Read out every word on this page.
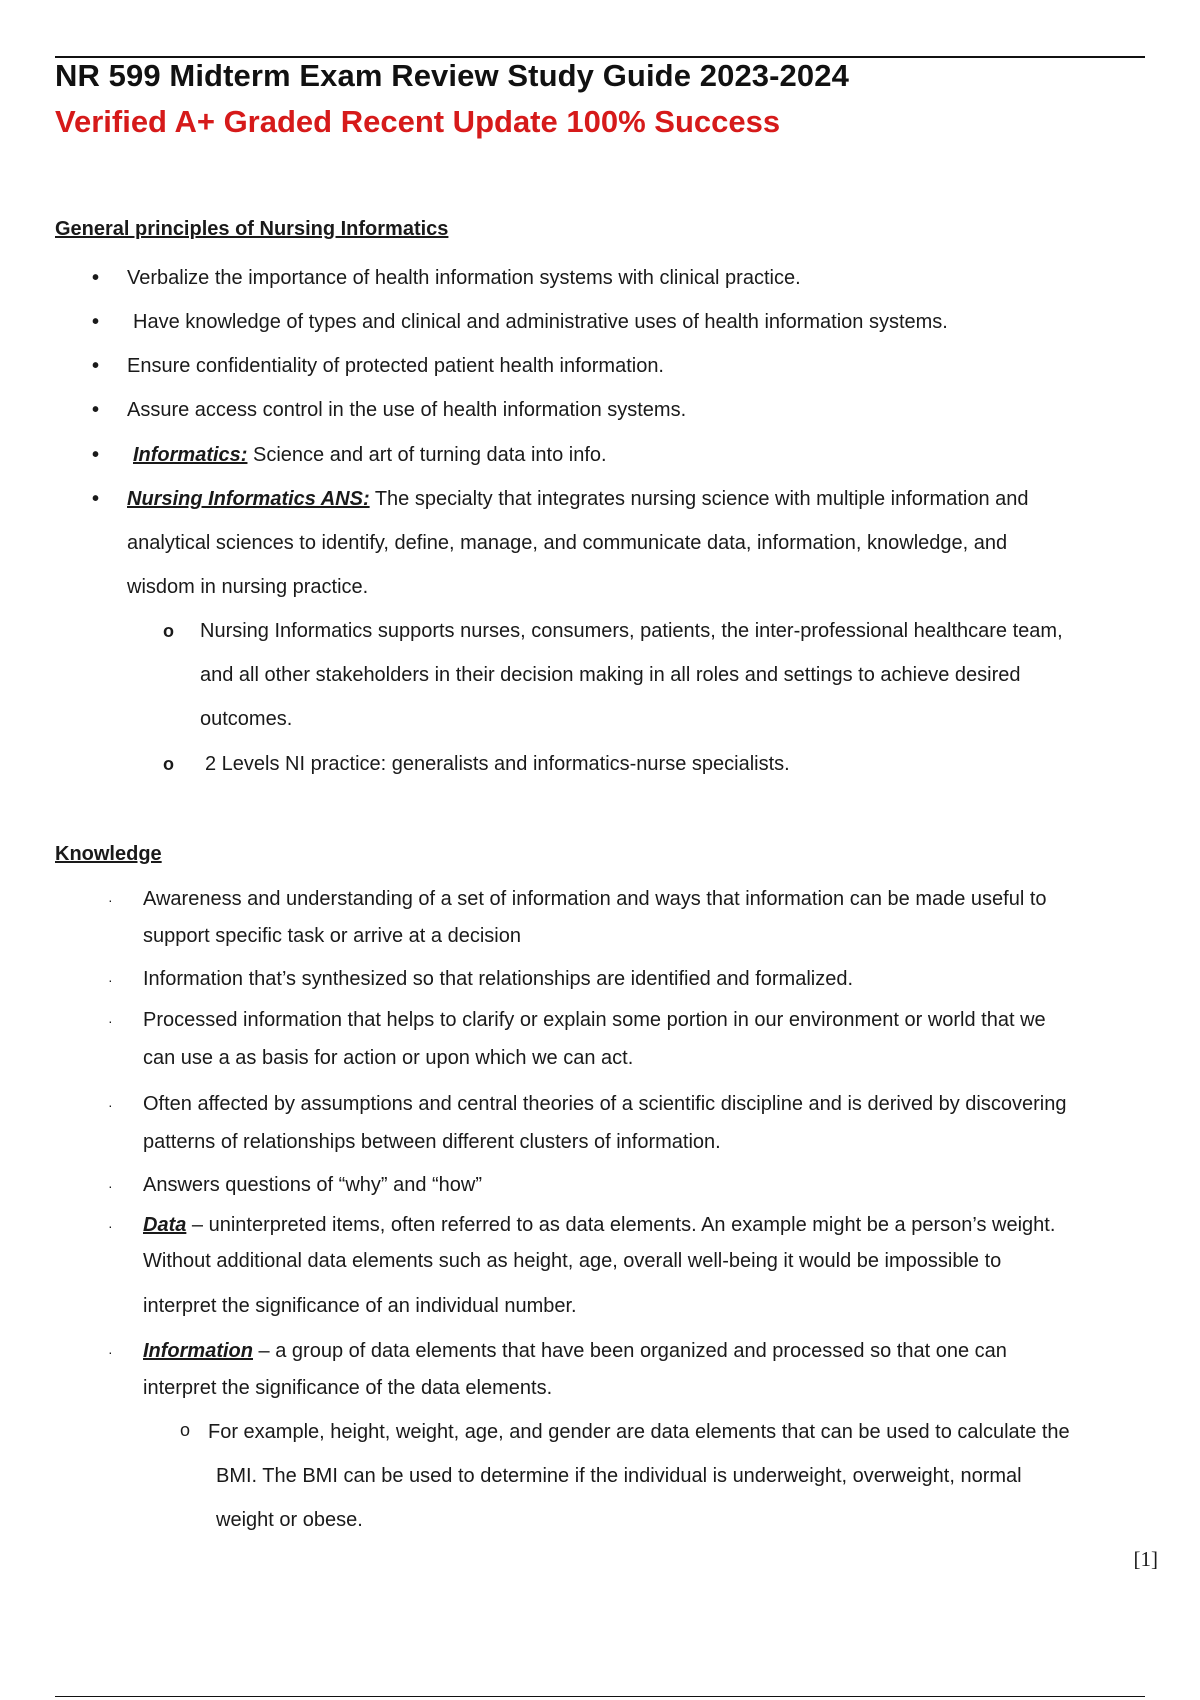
NR 599 Midterm Exam Review Study Guide 2023-2024
Verified A+ Graded Recent Update 100% Success
General principles of Nursing Informatics
• Verbalize the importance of health information systems with clinical practice.
• Have knowledge of types and clinical and administrative uses of health information systems.
• Ensure confidentiality of protected patient health information.
• Assure access control in the use of health information systems.
• Informatics: Science and art of turning data into info.
• Nursing Informatics ANS: The specialty that integrates nursing science with multiple information and
analytical sciences to identify, define, manage, and communicate data, information, knowledge, and
wisdom in nursing practice.
o Nursing Informatics supports nurses, consumers, patients, the inter-professional healthcare team,
and all other stakeholders in their decision making in all roles and settings to achieve desired
outcomes.
o 2 Levels NI practice: generalists and informatics-nurse specialists.
Knowledge
· Awareness and understanding of a set of information and ways that information can be made useful to
support specific task or arrive at a decision
· Information that’s synthesized so that relationships are identified and formalized.
· Processed information that helps to clarify or explain some portion in our environment or world that we
can use a as basis for action or upon which we can act.
· Often affected by assumptions and central theories of a scientific discipline and is derived by discovering
patterns of relationships between different clusters of information.
· Answers questions of “why” and “how”
· Data – uninterpreted items, often referred to as data elements. An example might be a person’s weight.
Without additional data elements such as height, age, overall well-being it would be impossible to
interpret the significance of an individual number.
· Information – a group of data elements that have been organized and processed so that one can
interpret the significance of the data elements.
o For example, height, weight, age, and gender are data elements that can be used to calculate the
BMI. The BMI can be used to determine if the individual is underweight, overweight, normal
weight or obese.
[1]
